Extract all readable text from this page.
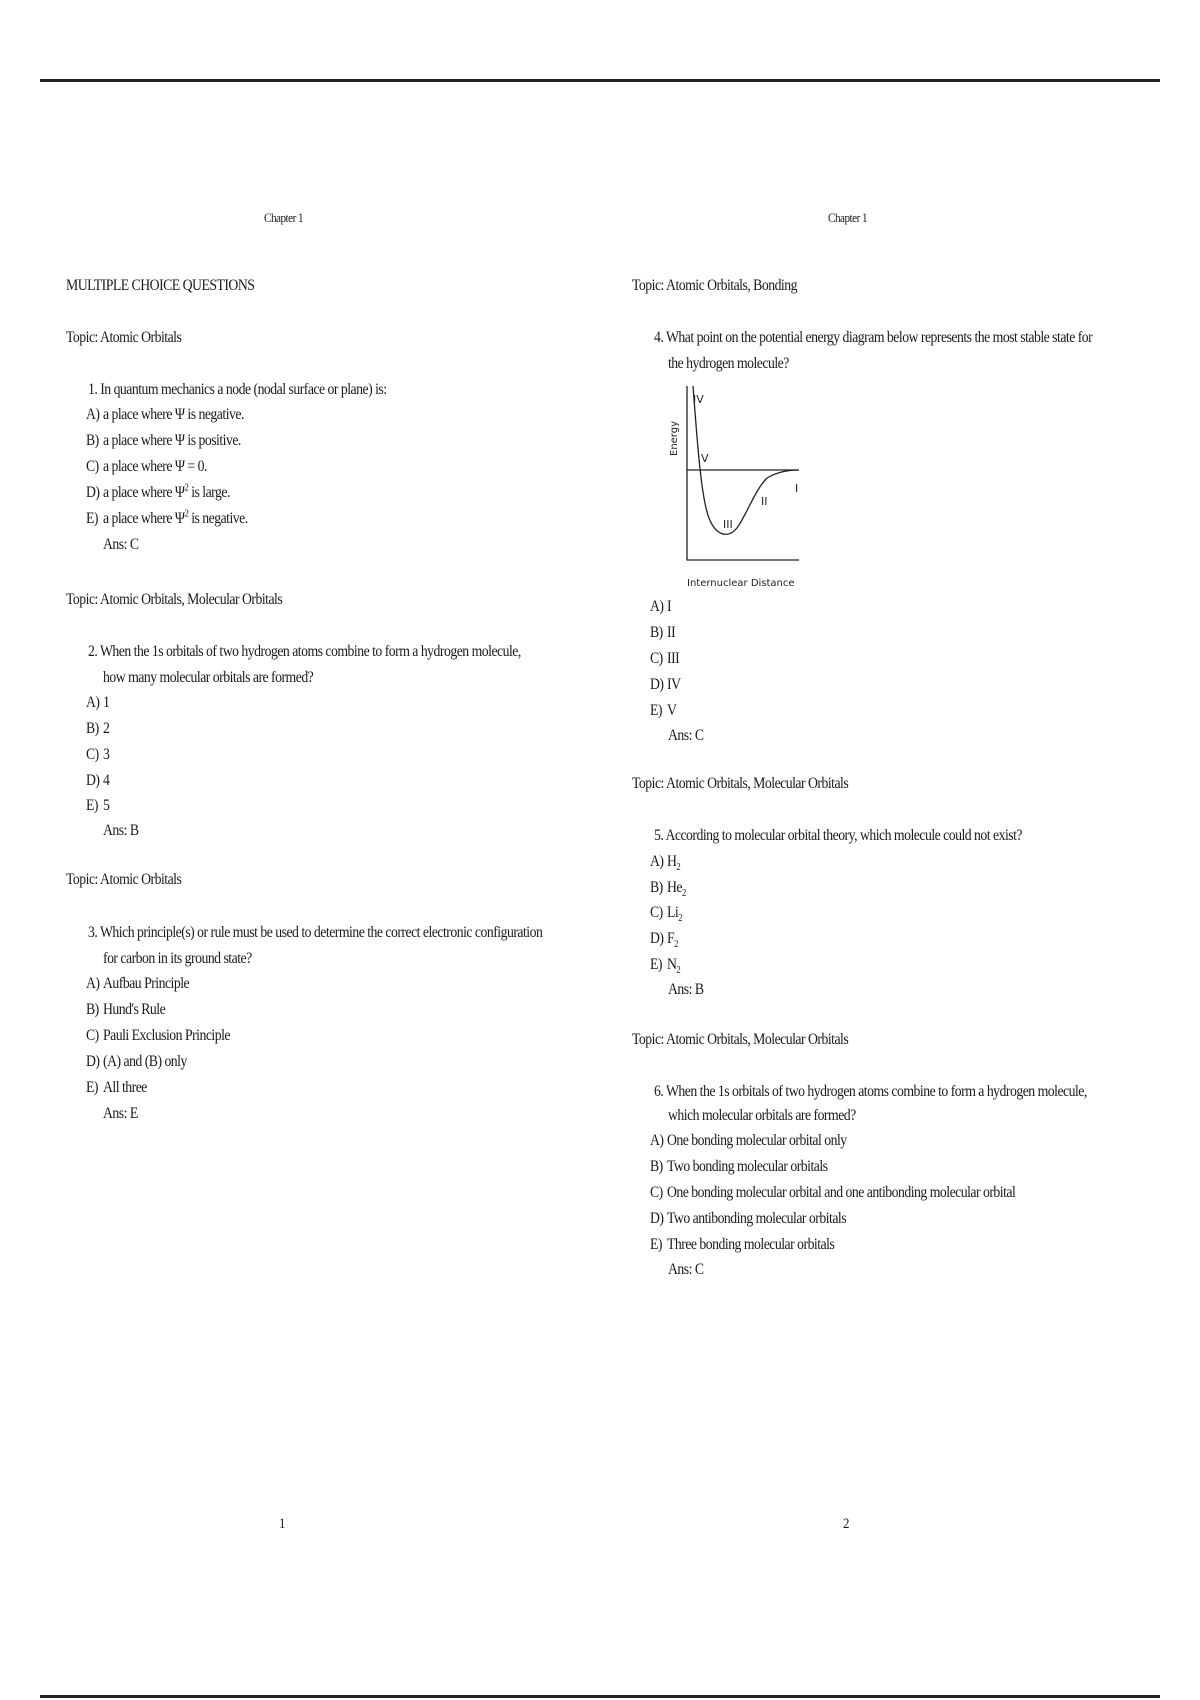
Chapter 1
MULTIPLE CHOICE QUESTIONS
Topic: Atomic Orbitals
1. In quantum mechanics a node (nodal surface or plane) is:
A) a place where Ψ is negative.
B) a place where Ψ is positive.
C) a place where Ψ = 0.
D) a place where $\Psi^2$ is large.
E) a place where $\Psi^2$ is negative.
Ans: C
Topic: Atomic Orbitals, Molecular Orbitals
2. When the 1s orbitals of two hydrogen atoms combine to form a hydrogen molecule,
how many molecular orbitals are formed?
A) 1
B) 2
C) 3
D) 4
E) 5
Ans: B
Topic: Atomic Orbitals
3. Which principle(s) or rule must be used to determine the correct electronic configuration
for carbon in its ground state?
A) Aufbau Principle
B) Hund's Rule
C) Pauli Exclusion Principle
D) (A) and (B) only
E) All three
Ans: E
1
Chapter 1
Topic: Atomic Orbitals, Bonding
4. What point on the potential energy diagram below represents the most stable state for
the hydrogen molecule?
A) I
B) II
C) III
D) IV
E) V
Ans: C
Topic: Atomic Orbitals, Molecular Orbitals
5. According to molecular orbital theory, which molecule could not exist?
A) $H_2$
B) $He_2$
C) $Li_2$
D) $F_2$
E) $N_2$
Ans: B
Topic: Atomic Orbitals, Molecular Orbitals
6. When the 1s orbitals of two hydrogen atoms combine to form a hydrogen molecule,
which molecular orbitals are formed?
A) One bonding molecular orbital only
B) Two bonding molecular orbitals
C) One bonding molecular orbital and one antibonding molecular orbital
D) Two antibonding molecular orbitals
E) Three bonding molecular orbitals
Ans: C
2
Energy
Internuclear Distance
IV
V
III
II
I
